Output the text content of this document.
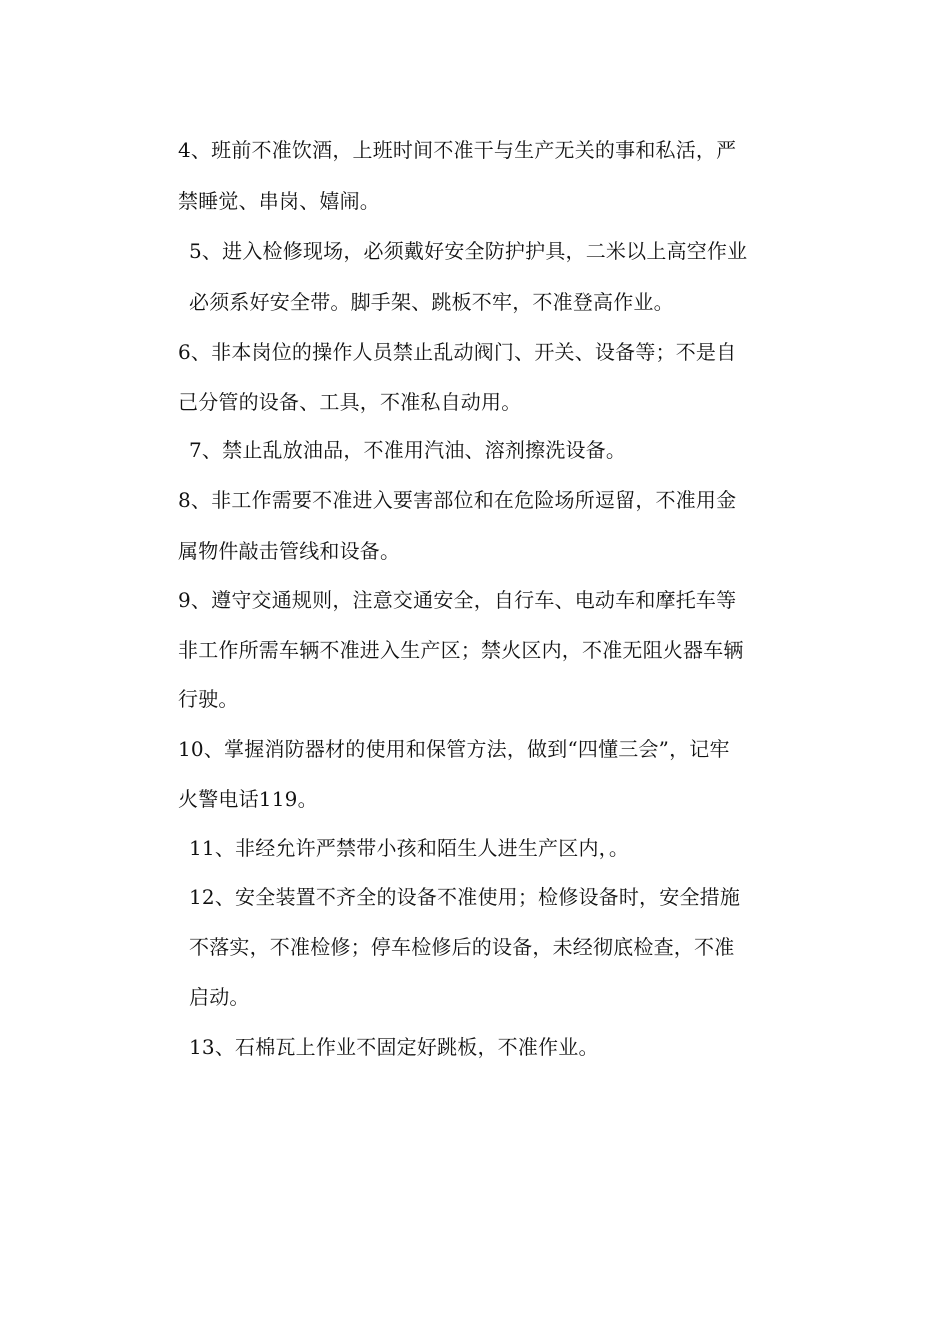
4、班前不准饮酒，上班时间不准干与生产无关的事和私活，严

禁睡觉、串岗、嬉闹。

5、进入检修现场，必须戴好安全防护护具，二米以上高空作业

必须系好安全带。脚手架、跳板不牢，不准登高作业。

6、非本岗位的操作人员禁止乱动阀门、开关、设备等；不是自

己分管的设备、工具，不准私自动用。

7、禁止乱放油品，不准用汽油、溶剂擦洗设备。

8、非工作需要不准进入要害部位和在危险场所逗留，不准用金

属物件敲击管线和设备。

9、遵守交通规则，注意交通安全，自行车、电动车和摩托车等

非工作所需车辆不准进入生产区；禁火区内，不准无阻火器车辆

行驶。

10、掌握消防器材的使用和保管方法，做到“四懂三会”，记牢

火警电话119。

11、非经允许严禁带小孩和陌生人进生产区内，。

12、安全装置不齐全的设备不准使用；检修设备时，安全措施

不落实，不准检修；停车检修后的设备，未经彻底检查，不准

启动。

13、石棉瓦上作业不固定好跳板，不准作业。
